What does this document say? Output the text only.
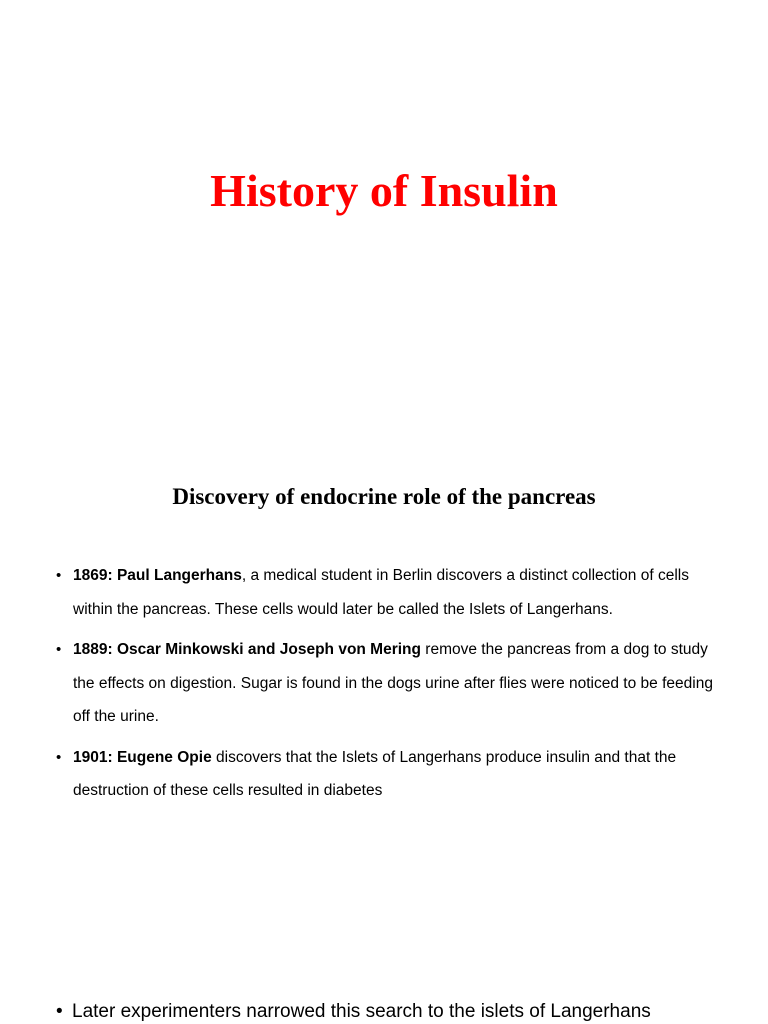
History of Insulin
Discovery of endocrine role of the pancreas
• 1869: Paul Langerhans, a medical student in Berlin discovers a distinct collection of cells within the pancreas. These cells would later be called the Islets of Langerhans.
• 1889: Oscar Minkowski and Joseph von Mering remove the pancreas from a dog to study the effects on digestion. Sugar is found in the dogs urine after flies were noticed to be feeding off the urine.
• 1901: Eugene Opie discovers that the Islets of Langerhans produce insulin and that the destruction of these cells resulted in diabetes

• Later experimenters narrowed this search to the islets of Langerhans
